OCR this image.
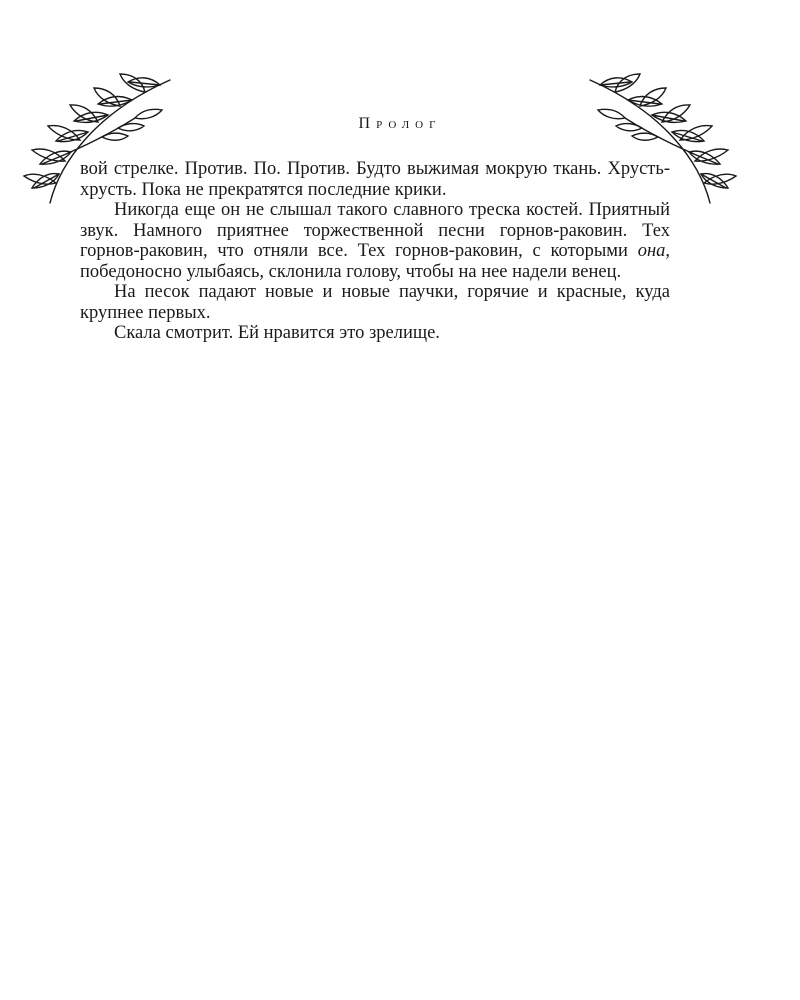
Пролог

вой стрелке. Против. По. Против. Будто выжимая мокрую ткань. Хрусть-хрусть. Пока не прекратятся последние крики.

Никогда еще он не слышал такого славного треска костей. Приятный звук. Намного приятнее торжественной песни горнов-раковин. Тех горнов-раковин, что отняли все. Тех горнов-раковин, с которыми она, победоносно улыбаясь, склонила голову, чтобы на нее надели венец.

На песок падают новые и новые паучки, горячие и красные, куда крупнее первых.

Скала смотрит. Ей нравится это зрелище.
